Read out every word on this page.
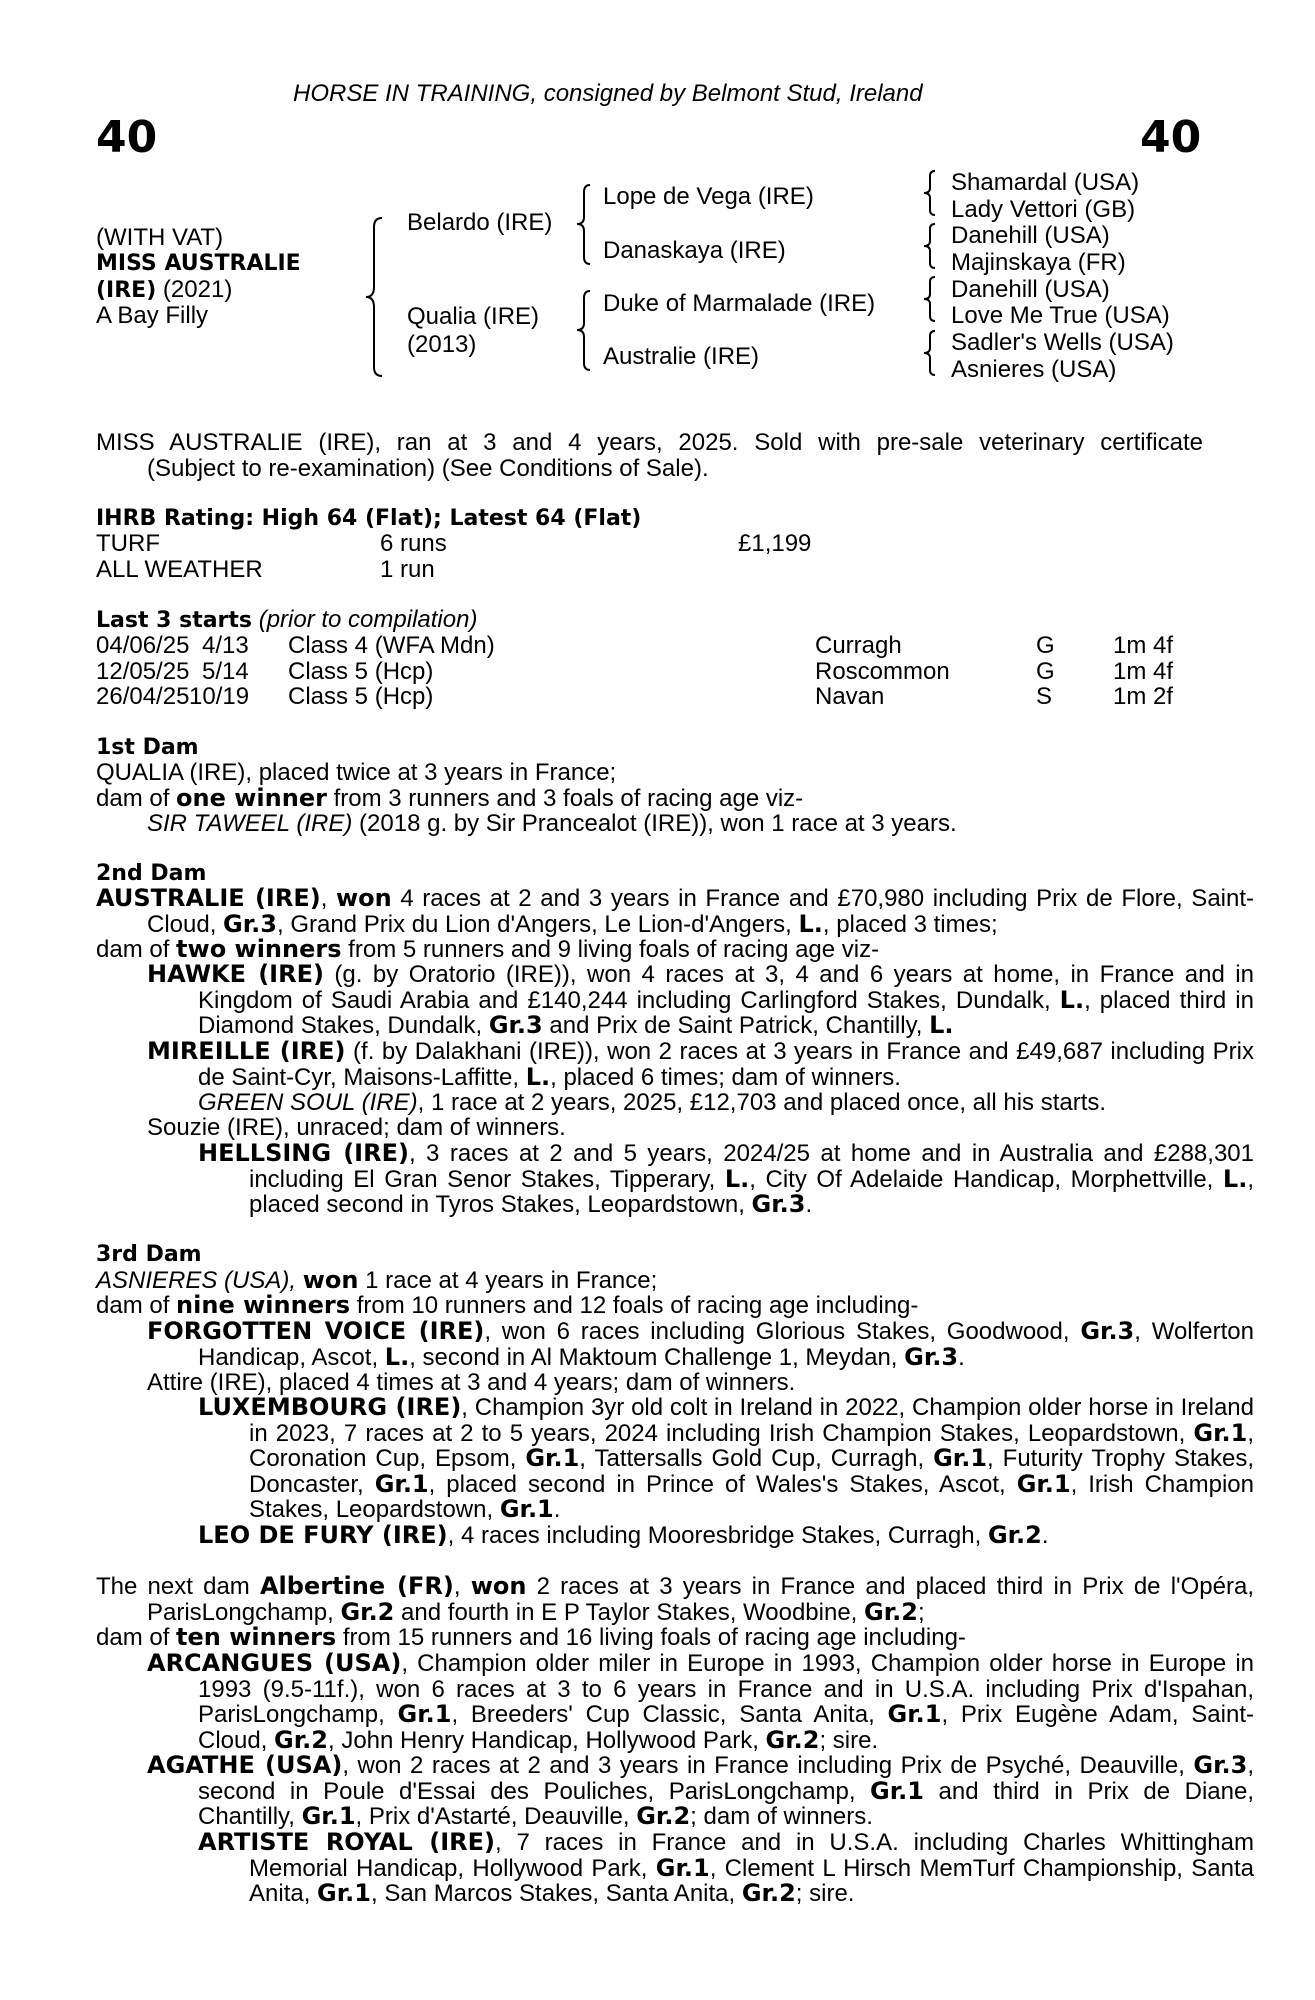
HORSE IN TRAINING, consigned by Belmont Stud, Ireland
40	40
(WITH VAT)
MISS AUSTRALIE
(IRE) (2021)
A Bay Filly
Belardo (IRE)
Qualia (IRE)
(2013)
Lope de Vega (IRE)
Danaskaya (IRE)
Duke of Marmalade (IRE)
Australie (IRE)
Shamardal (USA)
Lady Vettori (GB)
Danehill (USA)
Majinskaya (FR)
Danehill (USA)
Love Me True (USA)
Sadler's Wells (USA)
Asnieres (USA)
MISS AUSTRALIE (IRE), ran at 3 and 4 years, 2025. Sold with pre-sale veterinary certificate
(Subject to re-examination) (See Conditions of Sale).
IHRB Rating: High 64 (Flat); Latest 64 (Flat)
TURF	6 runs	£1,199
ALL WEATHER	1 run
Last 3 starts (prior to compilation)
04/06/25 4/13 Class 4 (WFA Mdn)	Curragh	G 1m 4f
12/05/25 5/14 Class 5 (Hcp)	Roscommon	G 1m 4f
26/04/25 10/19 Class 5 (Hcp)	Navan	S	1m 2f
1st Dam
QUALIA (IRE), placed twice at 3 years in France;
dam of one winner from 3 runners and 3 foals of racing age viz-
SIR TAWEEL (IRE) (2018 g. by Sir Prancealot (IRE)), won 1 race at 3 years.
2nd Dam
AUSTRALIE (IRE), won 4 races at 2 and 3 years in France and £70,980 including Prix de Flore, Saint-Cloud, Gr.3, Grand Prix du Lion d'Angers, Le Lion-d'Angers, L., placed 3 times;
dam of two winners from 5 runners and 9 living foals of racing age viz-
HAWKE (IRE) (g. by Oratorio (IRE)), won 4 races at 3, 4 and 6 years at home, in France and in Kingdom of Saudi Arabia and £140,244 including Carlingford Stakes, Dundalk, L., placed third in Diamond Stakes, Dundalk, Gr.3 and Prix de Saint Patrick, Chantilly, L.
MIREILLE (IRE) (f. by Dalakhani (IRE)), won 2 races at 3 years in France and £49,687 including Prix de Saint-Cyr, Maisons-Laffitte, L., placed 6 times; dam of winners.
GREEN SOUL (IRE), 1 race at 2 years, 2025, £12,703 and placed once, all his starts.
Souzie (IRE), unraced; dam of winners.
HELLSING (IRE), 3 races at 2 and 5 years, 2024/25 at home and in Australia and £288,301 including El Gran Senor Stakes, Tipperary, L., City Of Adelaide Handicap, Morphettville, L., placed second in Tyros Stakes, Leopardstown, Gr.3.
3rd Dam
ASNIERES (USA), won 1 race at 4 years in France;
dam of nine winners from 10 runners and 12 foals of racing age including-
FORGOTTEN VOICE (IRE), won 6 races including Glorious Stakes, Goodwood, Gr.3, Wolferton Handicap, Ascot, L., second in Al Maktoum Challenge 1, Meydan, Gr.3.
Attire (IRE), placed 4 times at 3 and 4 years; dam of winners.
LUXEMBOURG (IRE), Champion 3yr old colt in Ireland in 2022, Champion older horse in Ireland in 2023, 7 races at 2 to 5 years, 2024 including Irish Champion Stakes, Leopardstown, Gr.1, Coronation Cup, Epsom, Gr.1, Tattersalls Gold Cup, Curragh, Gr.1, Futurity Trophy Stakes, Doncaster, Gr.1, placed second in Prince of Wales's Stakes, Ascot, Gr.1, Irish Champion Stakes, Leopardstown, Gr.1.
LEO DE FURY (IRE), 4 races including Mooresbridge Stakes, Curragh, Gr.2.
The next dam Albertine (FR), won 2 races at 3 years in France and placed third in Prix de l'Opéra, ParisLongchamp, Gr.2 and fourth in E P Taylor Stakes, Woodbine, Gr.2;
dam of ten winners from 15 runners and 16 living foals of racing age including-
ARCANGUES (USA), Champion older miler in Europe in 1993, Champion older horse in Europe in 1993 (9.5-11f.), won 6 races at 3 to 6 years in France and in U.S.A. including Prix d'Ispahan, ParisLongchamp, Gr.1, Breeders' Cup Classic, Santa Anita, Gr.1, Prix Eugène Adam, Saint-Cloud, Gr.2, John Henry Handicap, Hollywood Park, Gr.2; sire.
AGATHE (USA), won 2 races at 2 and 3 years in France including Prix de Psyché, Deauville, Gr.3, second in Poule d'Essai des Pouliches, ParisLongchamp, Gr.1 and third in Prix de Diane, Chantilly, Gr.1, Prix d'Astarté, Deauville, Gr.2; dam of winners.
ARTISTE ROYAL (IRE), 7 races in France and in U.S.A. including Charles Whittingham Memorial Handicap, Hollywood Park, Gr.1, Clement L Hirsch MemTurf Championship, Santa Anita, Gr.1, San Marcos Stakes, Santa Anita, Gr.2; sire.
